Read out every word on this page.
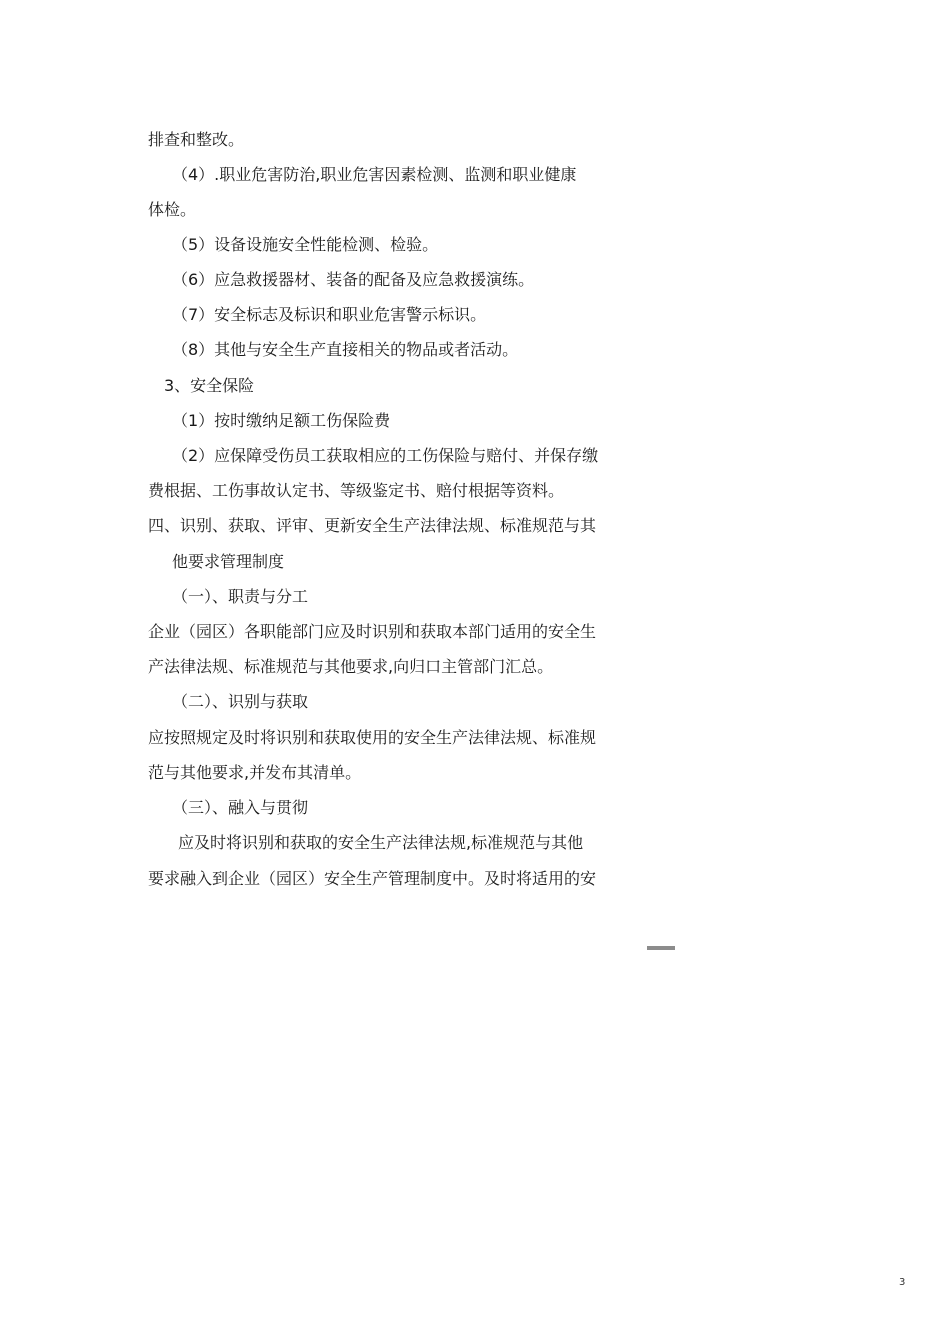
排查和整改。
（4）.职业危害防治,职业危害因素检测、监测和职业健康
体检。
（5）设备设施安全性能检测、检验。
（6）应急救援器材、装备的配备及应急救援演练。
（7）安全标志及标识和职业危害警示标识。
（8）其他与安全生产直接相关的物品或者活动。
3、安全保险
（1）按时缴纳足额工伤保险费
（2）应保障受伤员工获取相应的工伤保险与赔付、并保存缴
费根据、工伤事故认定书、等级鉴定书、赔付根据等资料。
四、识别、获取、评审、更新安全生产法律法规、标准规范与其
他要求管理制度
（一）、职责与分工
企业（园区）各职能部门应及时识别和获取本部门适用的安全生
产法律法规、标准规范与其他要求,向归口主管部门汇总。
（二）、识别与获取
应按照规定及时将识别和获取使用的安全生产法律法规、标准规
范与其他要求,并发布其清单。
（三）、融入与贯彻
应及时将识别和获取的安全生产法律法规,标准规范与其他
要求融入到企业（园区）安全生产管理制度中。及时将适用的安
3
